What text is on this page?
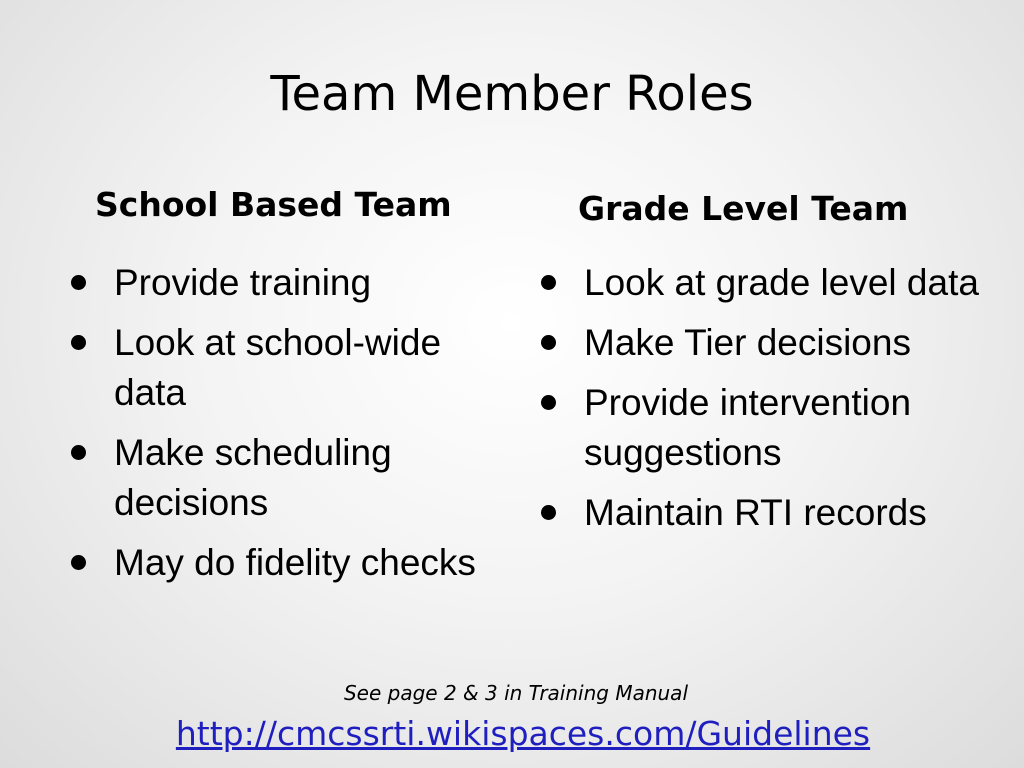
Team Member Roles
School Based Team	Grade Level Team
Provide training
Look at school-wide data
Make scheduling decisions
May do fidelity checks
Look at grade level data
Make Tier decisions
Provide intervention suggestions
Maintain RTI records
See page 2 & 3 in Training Manual
http://cmcssrti.wikispaces.com/Guidelines
